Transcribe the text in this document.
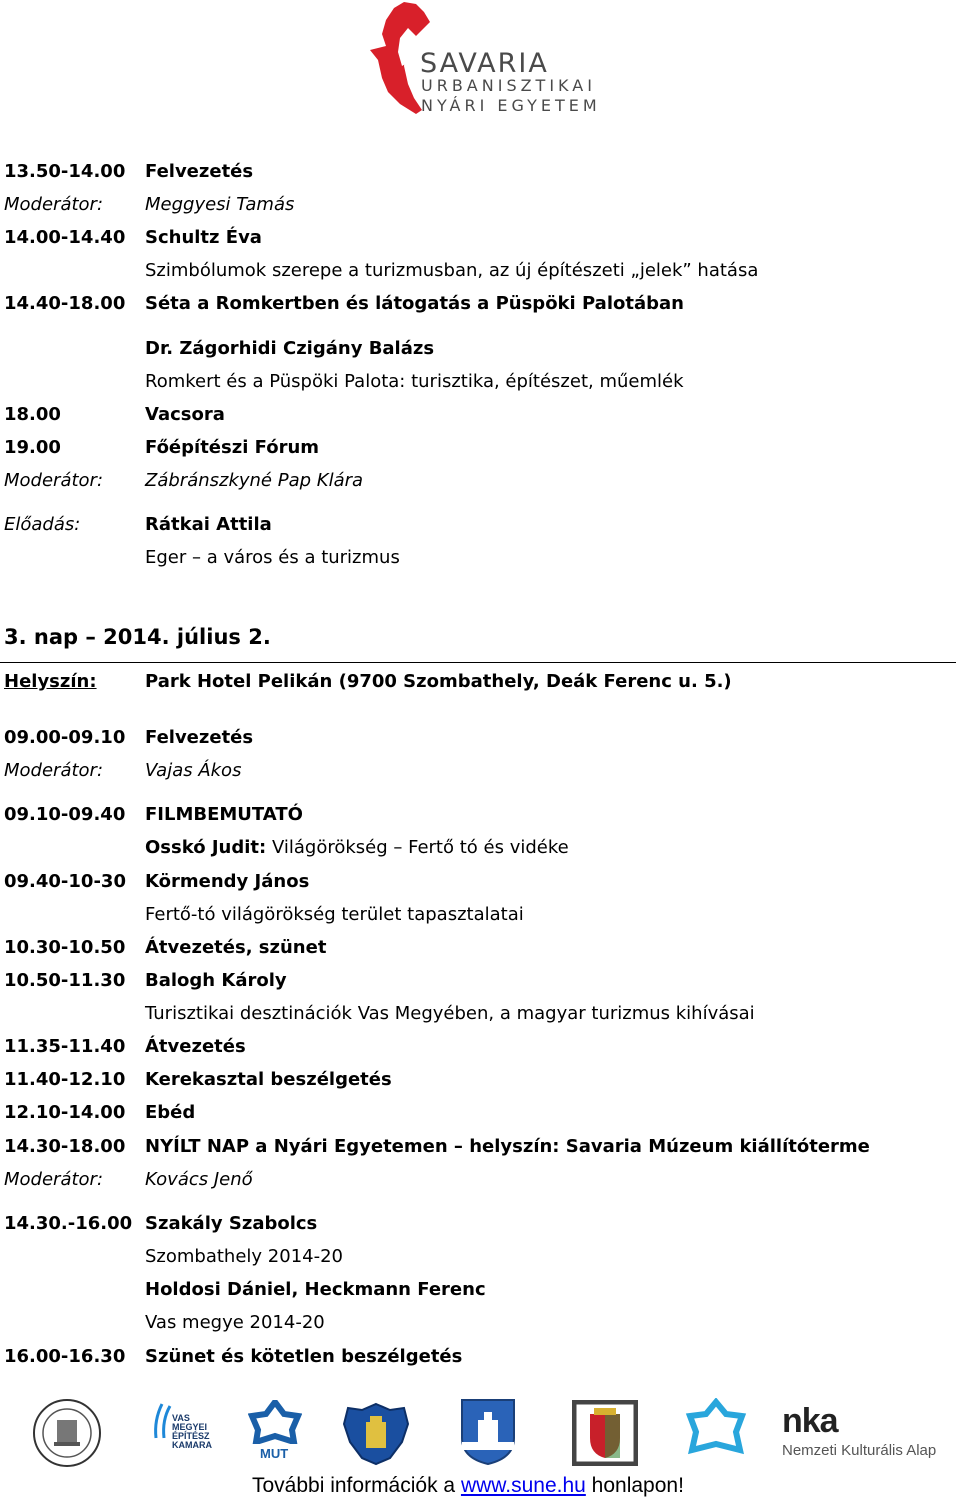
SAVARIA
URBANISZTIKAI
NYÁRI EGYETEM
13.50-14.00 Felvezetés
Moderátor: Meggyesi Tamás
14.00-14.40 Schultz Éva
Szimbólumok szerepe a turizmusban, az új építészeti „jelek” hatása
14.40-18.00 Séta a Romkertben és látogatás a Püspöki Palotában
Dr. Zágorhidi Czigány Balázs
Romkert és a Püspöki Palota: turisztika, építészet, műemlék
18.00	Vacsora
19.00	Főépítészi Fórum
Moderátor: Zábránszkyné Pap Klára
Előadás:	Rátkai Attila
Eger – a város és a turizmus
3. nap – 2014. július 2.
Helyszín:	Park Hotel Pelikán (9700 Szombathely, Deák Ferenc u. 5.)
09.00-09.10 Felvezetés
Moderátor: Vajas Ákos
09.10-09.40 FILMBEMUTATÓ
Osskó Judit: Világörökség – Fertő tó és vidéke
09.40-10-30 Körmendy János
Fertő-tó világörökség terület tapasztalatai
10.30-10.50 Átvezetés, szünet
10.50-11.30 Balogh Károly
Turisztikai desztinációk Vas Megyében, a magyar turizmus kihívásai
11.35-11.40 Átvezetés
11.40-12.10 Kerekasztal beszélgetés
12.10-14.00 Ebéd
14.30-18.00 NYÍLT NAP a Nyári Egyetemen – helyszín: Savaria Múzeum kiállítóterme
Moderátor: Kovács Jenő
14.30.-16.00 Szakály Szabolcs
Szombathely 2014-20
Holdosi Dániel, Heckmann Ferenc
Vas megye 2014-20
16.00-16.30 Szünet és kötetlen beszélgetés
VAS
MEGYEI
ÉPÍTÉSZ
KAMARA
MUT
nka
Nemzeti Kulturális Alap
További információk a www.sune.hu honlapon!
